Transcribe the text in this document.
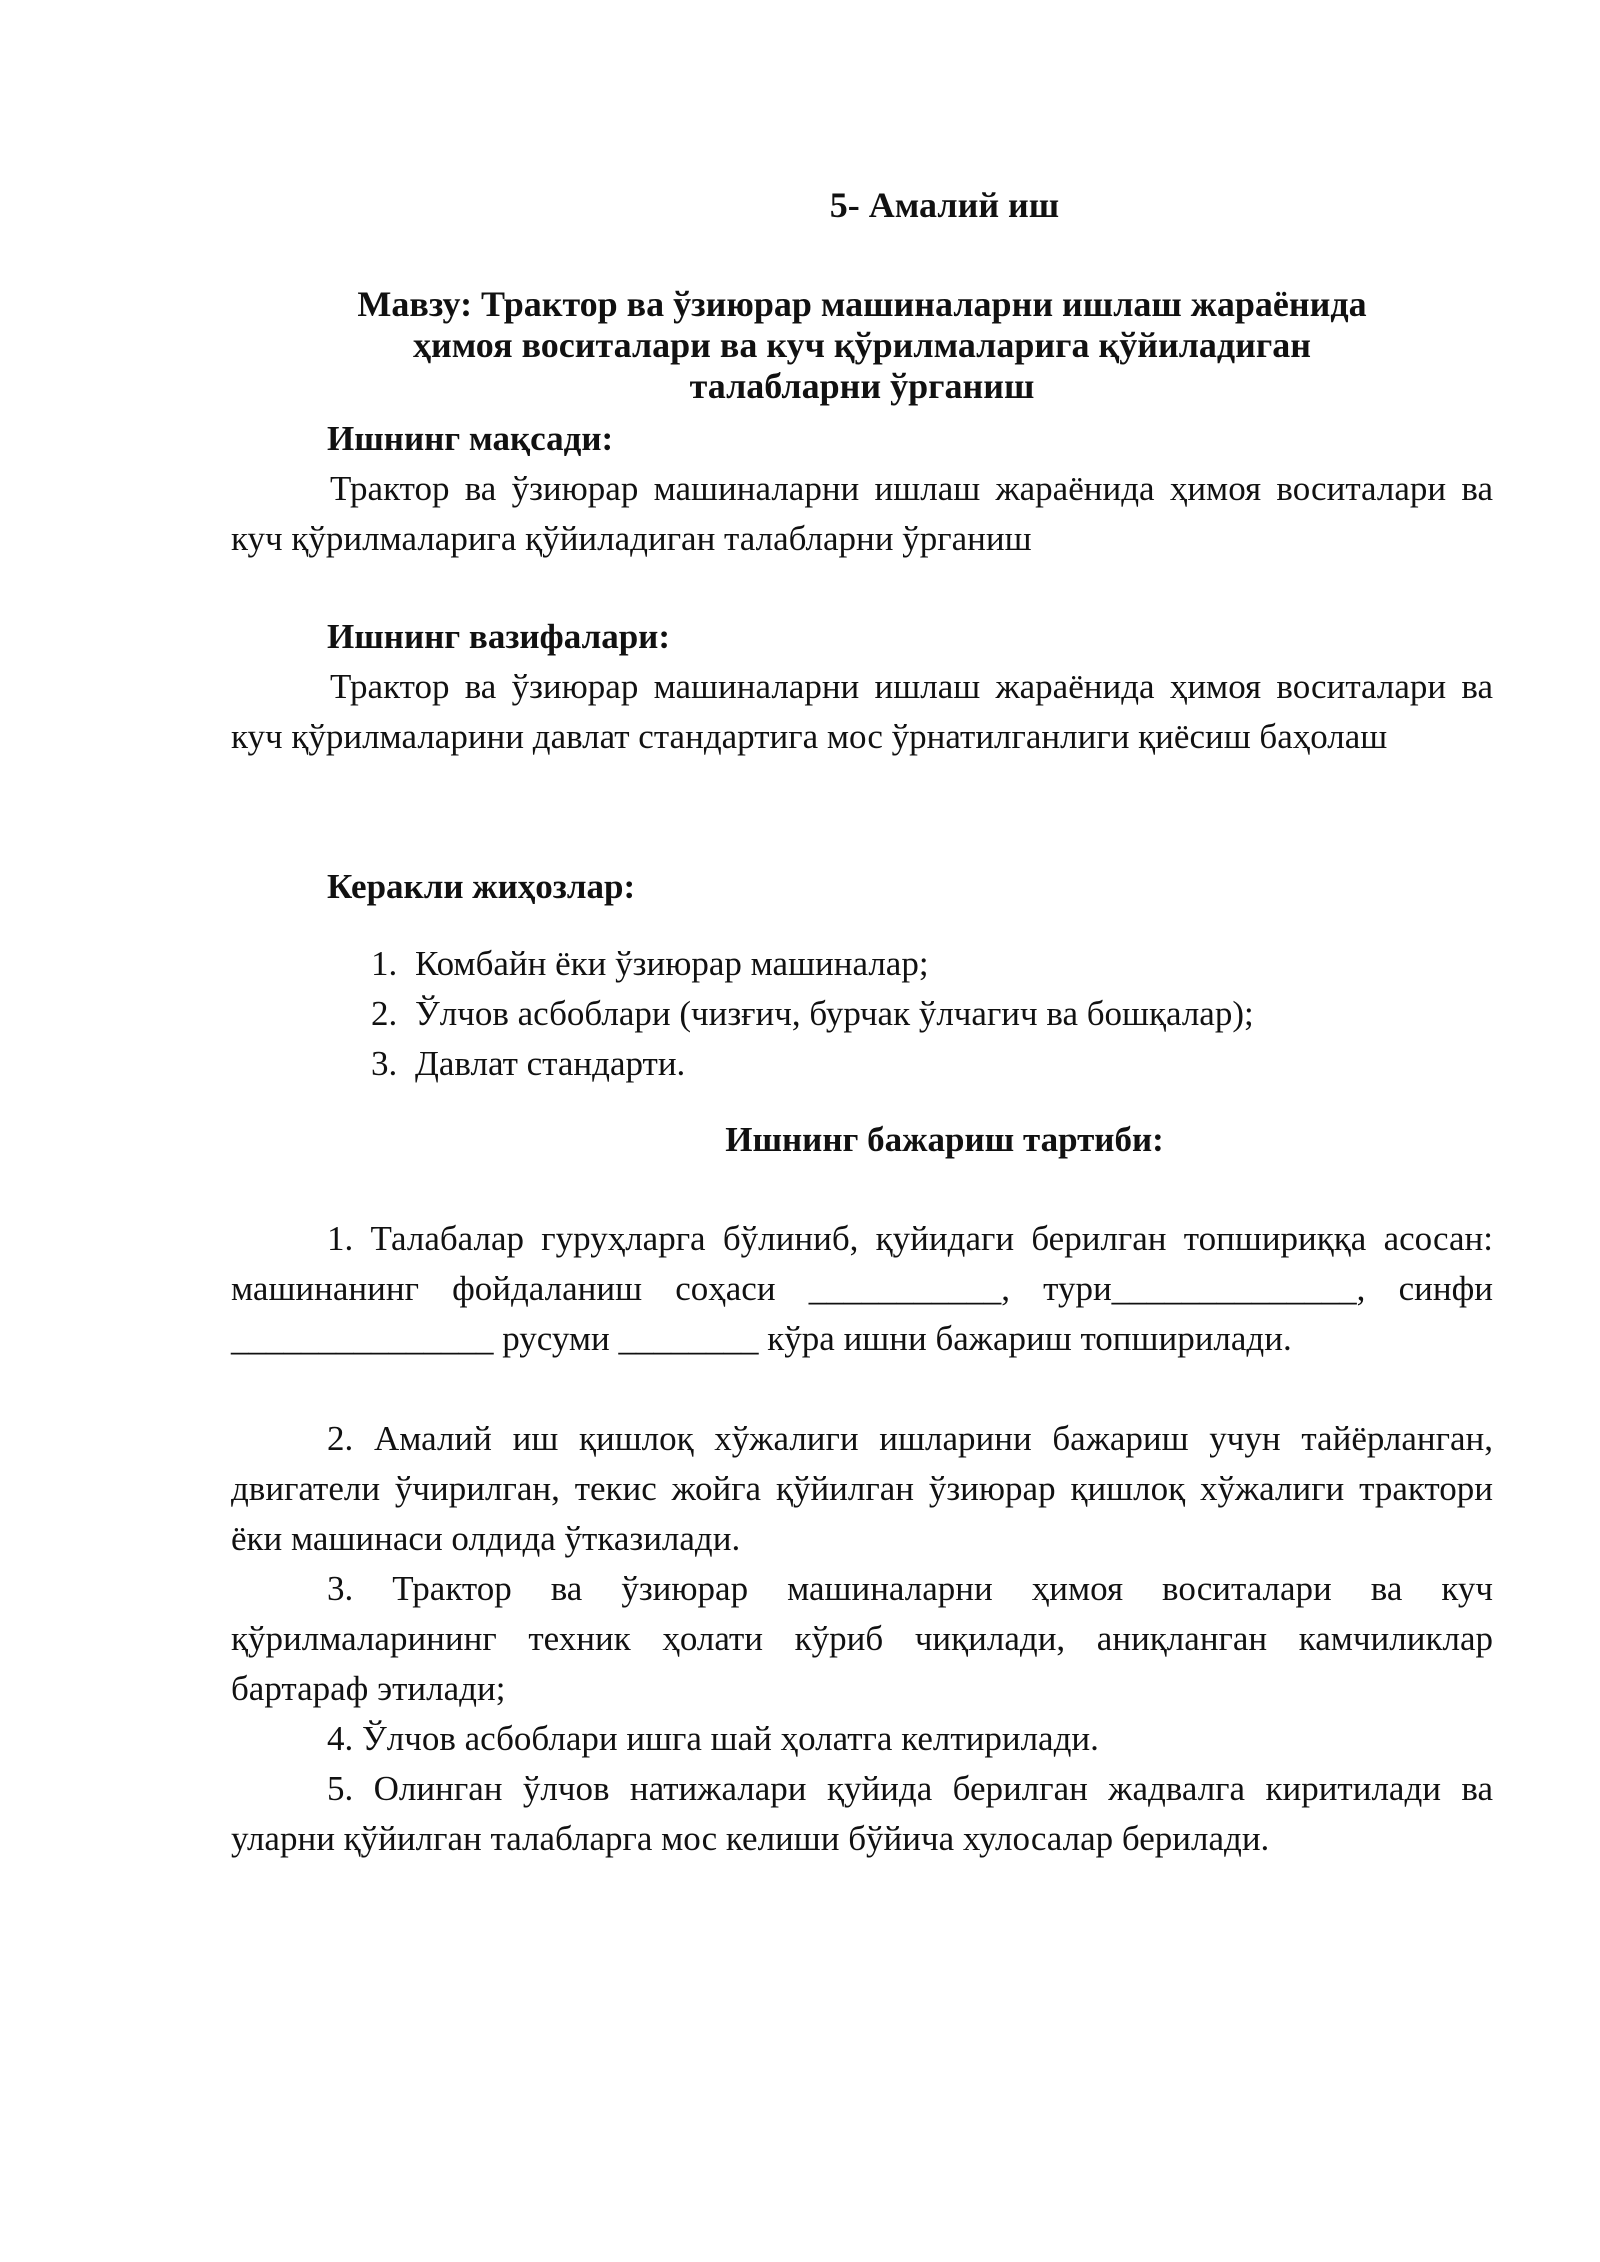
5- Амалий иш
Мавзу: Трактор ва ўзиюрар машиналарни ишлаш жараёнида
ҳимоя воситалари ва куч қўрилмаларига қўйиладиган
талабларни ўрганиш
Ишнинг мақсади:
Трактор ва ўзиюрар машиналарни ишлаш жараёнида ҳимоя воситалари ва куч қўрилмаларига қўйиладиган талабларни ўрганиш
Ишнинг вазифалари:
Трактор ва ўзиюрар машиналарни ишлаш жараёнида ҳимоя воситалари ва куч қўрилмаларини давлат стандартига мос ўрнатилганлиги қиёсиш баҳолаш
Керакли жиҳозлар:
1. Комбайн ёки ўзиюрар машиналар;
2. Ўлчов асбоблари (чизғич, бурчак ўлчагич ва бошқалар);
3. Давлат стандарти.
Ишнинг бажариш тартиби:
1. Талабалар гуруҳларга бўлиниб, қуйидаги берилган топшириққа асосан: машинанинг фойдаланиш соҳаси ___________, тури______________, синфи _______________ русуми ________ кўра ишни бажариш топширилади.
2. Амалий иш қишлоқ хўжалиги ишларини бажариш учун тайёрланган, двигатели ўчирилган, текис жойга қўйилган ўзиюрар қишлоқ хўжалиги трактори ёки машинаси олдида ўтказилади.
3. Трактор ва ўзиюрар машиналарни ҳимоя воситалари ва куч қўрилмаларининг техник ҳолати кўриб чиқилади, аниқланган камчиликлар бартараф этилади;
4. Ўлчов асбоблари ишга шай ҳолатга келтирилади.
5. Олинган ўлчов натижалари қуйида берилган жадвалга киритилади ва уларни қўйилган талабларга мос келиши бўйича хулосалар берилади.
